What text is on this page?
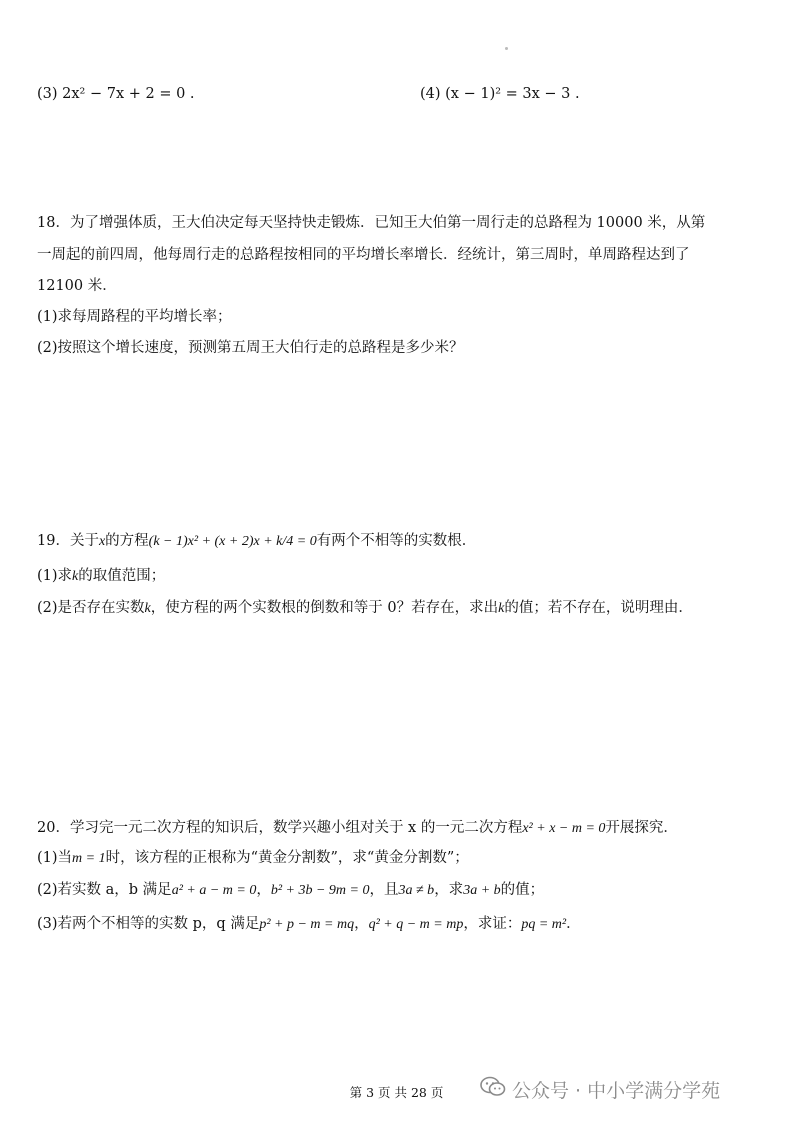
(3) 2x² − 7x + 2 = 0 .	(4) (x − 1)² = 3x − 3 .
18．为了增强体质，王大伯决定每天坚持快走锻炼．已知王大伯第一周行走的总路程为 10000 米，从第
一周起的前四周，他每周行走的总路程按相同的平均增长率增长．经统计，第三周时，单周路程达到了
12100 米．
(1)求每周路程的平均增长率；
(2)按照这个增长速度，预测第五周王大伯行走的总路程是多少米？
19．关于x的方程(k − 1)x² + (x + 2)x + k/4 = 0有两个不相等的实数根．
(1)求k的取值范围；
(2)是否存在实数k，使方程的两个实数根的倒数和等于 0？若存在，求出k的值；若不存在，说明理由．
20．学习完一元二次方程的知识后，数学兴趣小组对关于 x 的一元二次方程x² + x − m = 0开展探究．
(1)当m = 1时，该方程的正根称为“黄金分割数”，求“黄金分割数”；
(2)若实数 a，b 满足a² + a − m = 0，b² + 3b − 9m = 0，且3a ≠ b，求3a + b的值；
(3)若两个不相等的实数 p，q 满足p² + p − m = mq，q² + q − m = mp，求证：pq = m²．
第 3 页 共 28 页	公众号 · 中小学满分学苑
